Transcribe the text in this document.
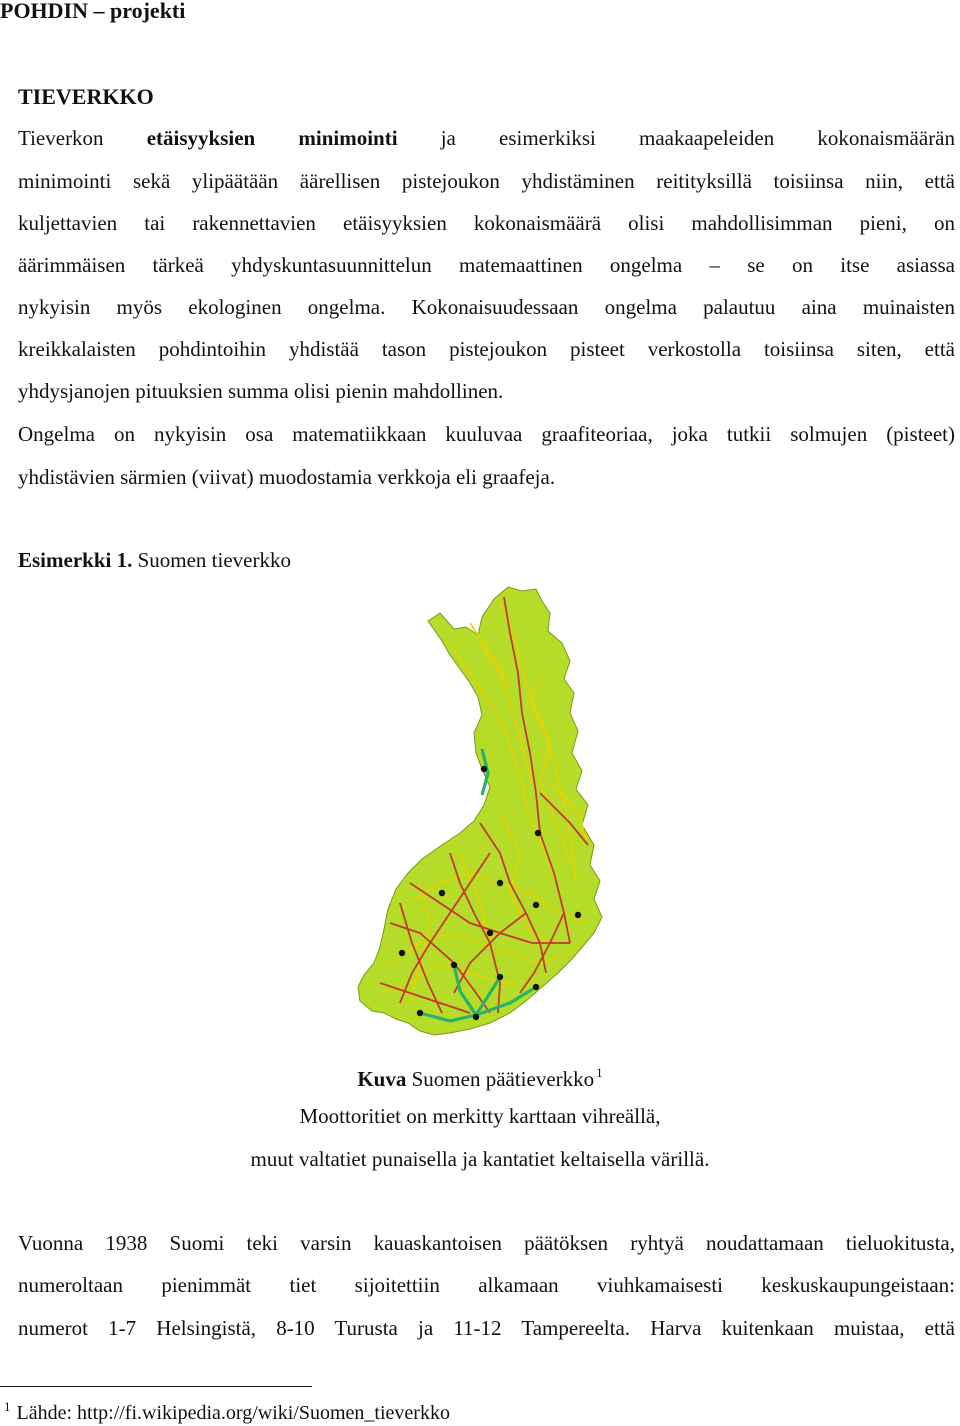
POHDIN – projekti
TIEVERKKO
Tieverkon etäisyyksien minimointi ja esimerkiksi maakaapeleiden kokonaismäärän
minimointi sekä ylipäätään äärellisen pistejoukon yhdistäminen reitityksillä toisiinsa niin, että
kuljettavien tai rakennettavien etäisyyksien kokonaismäärä olisi mahdollisimman pieni, on
äärimmäisen tärkeä yhdyskuntasuunnittelun matemaattinen ongelma – se on itse asiassa
nykyisin myös ekologinen ongelma. Kokonaisuudessaan ongelma palautuu aina muinaisten
kreikkalaisten pohdintoihin yhdistää tason pistejoukon pisteet verkostolla toisiinsa siten, että
yhdysjanojen pituuksien summa olisi pienin mahdollinen.
Ongelma on nykyisin osa matematiikkaan kuuluvaa graafiteoriaa, joka tutkii solmujen (pisteet)
yhdistävien särmien (viivat) muodostamia verkkoja eli graafeja.
Esimerkki 1. Suomen tieverkko
Kuva Suomen päätieverkko $^1$
Moottoritiet on merkitty karttaan vihreällä,
muut valtatiet punaisella ja kantatiet keltaisella värillä.
Vuonna 1938 Suomi teki varsin kauaskantoisen päätöksen ryhtyä noudattamaan tieluokitusta,
numeroltaan pienimmät tiet sijoitettiin alkamaan viuhkamaisesti keskuskaupungeistaan:
numerot 1-7 Helsingistä, 8-10 Turusta ja 11-12 Tampereelta. Harva kuitenkaan muistaa, että
$^1$ Lähde: http://fi.wikipedia.org/wiki/Suomen_tieverkko
